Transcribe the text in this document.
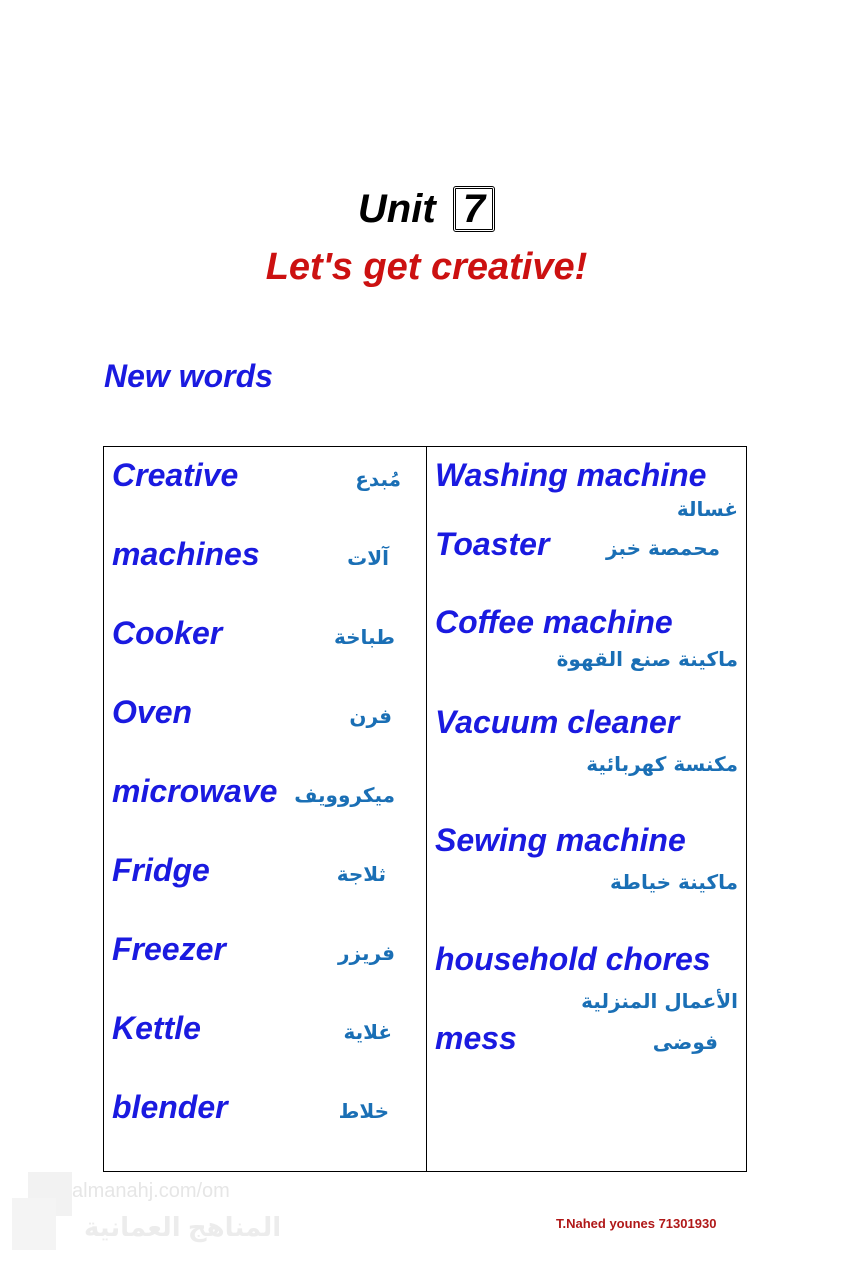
Unit 7
Let's get creative!
New words
Creative	مُبدع
machines	آلات
Cooker	طباخة
Oven	فرن
microwave ميكروويف
Fridge	ثلاجة
Freezer	فريزر
Kettle	غلاية
blender	خلاط
Washing machine
غسالة
Toaster	محمصة خبز
Coffee machine
ماكينة صنع القهوة
Vacuum cleaner
مكنسة كهربائية
Sewing machine
ماكينة خياطة
household chores
الأعمال المنزلية
mess	فوضى
T.Nahed younes 71301930
almanahj.com/om
المناهج العمانية
